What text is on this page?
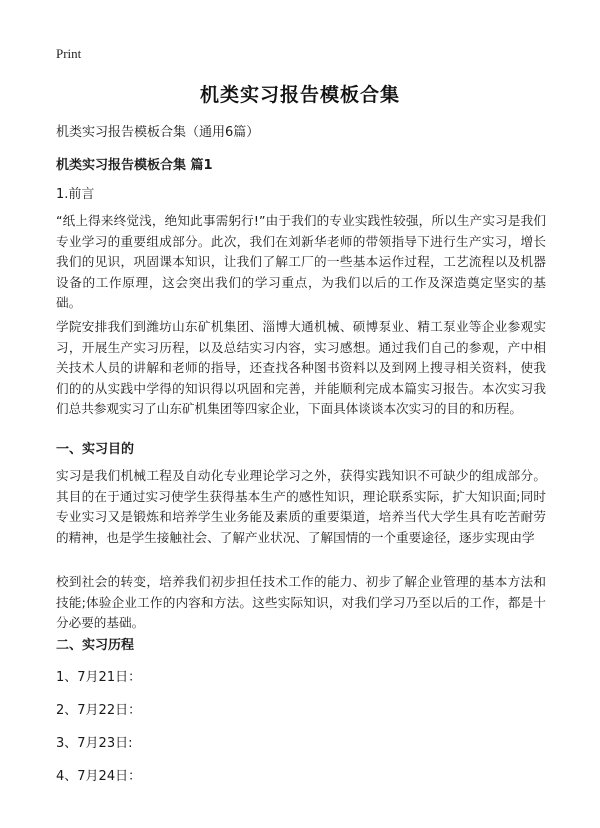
Print
机类实习报告模板合集
机类实习报告模板合集（通用6篇）
机类实习报告模板合集 篇1
1.前言

“纸上得来终觉浅，绝知此事需躬行!”由于我们的专业实践性较强，所以生产实习是我们专业学习的重要组成部分。此次，我们在刘新华老师的带领指导下进行生产实习，增长我们的见识，巩固课本知识，让我们了解工厂的一些基本运作过程，工艺流程以及机器设备的工作原理，这会突出我们的学习重点，为我们以后的工作及深造奠定坚实的基础。

学院安排我们到潍坊山东矿机集团、淄博大通机械、硕博泵业、精工泵业等企业参观实习，开展生产实习历程，以及总结实习内容，实习感想。通过我们自己的参观，产中相关技术人员的讲解和老师的指导，还查找各种图书资料以及到网上搜寻相关资料，使我们的的从实践中学得的知识得以巩固和完善，并能顺利完成本篇实习报告。本次实习我们总共参观实习了山东矿机集团等四家企业，下面具体谈谈本次实习的目的和历程。

一、实习目的

实习是我们机械工程及自动化专业理论学习之外，获得实践知识不可缺少的组成部分。其目的在于通过实习使学生获得基本生产的感性知识，理论联系实际，扩大知识面;同时专业实习又是锻炼和培养学生业务能及素质的重要渠道，培养当代大学生具有吃苦耐劳的精神，也是学生接触社会、了解产业状况、了解国情的一个重要途径，逐步实现由学

校到社会的转变，培养我们初步担任技术工作的能力、初步了解企业管理的基本方法和技能;体验企业工作的内容和方法。这些实际知识，对我们学习乃至以后的工作，都是十分必要的基础。

二、实习历程
1、7月21日：
2、7月22日：
3、7月23日:
4、7月24日：
